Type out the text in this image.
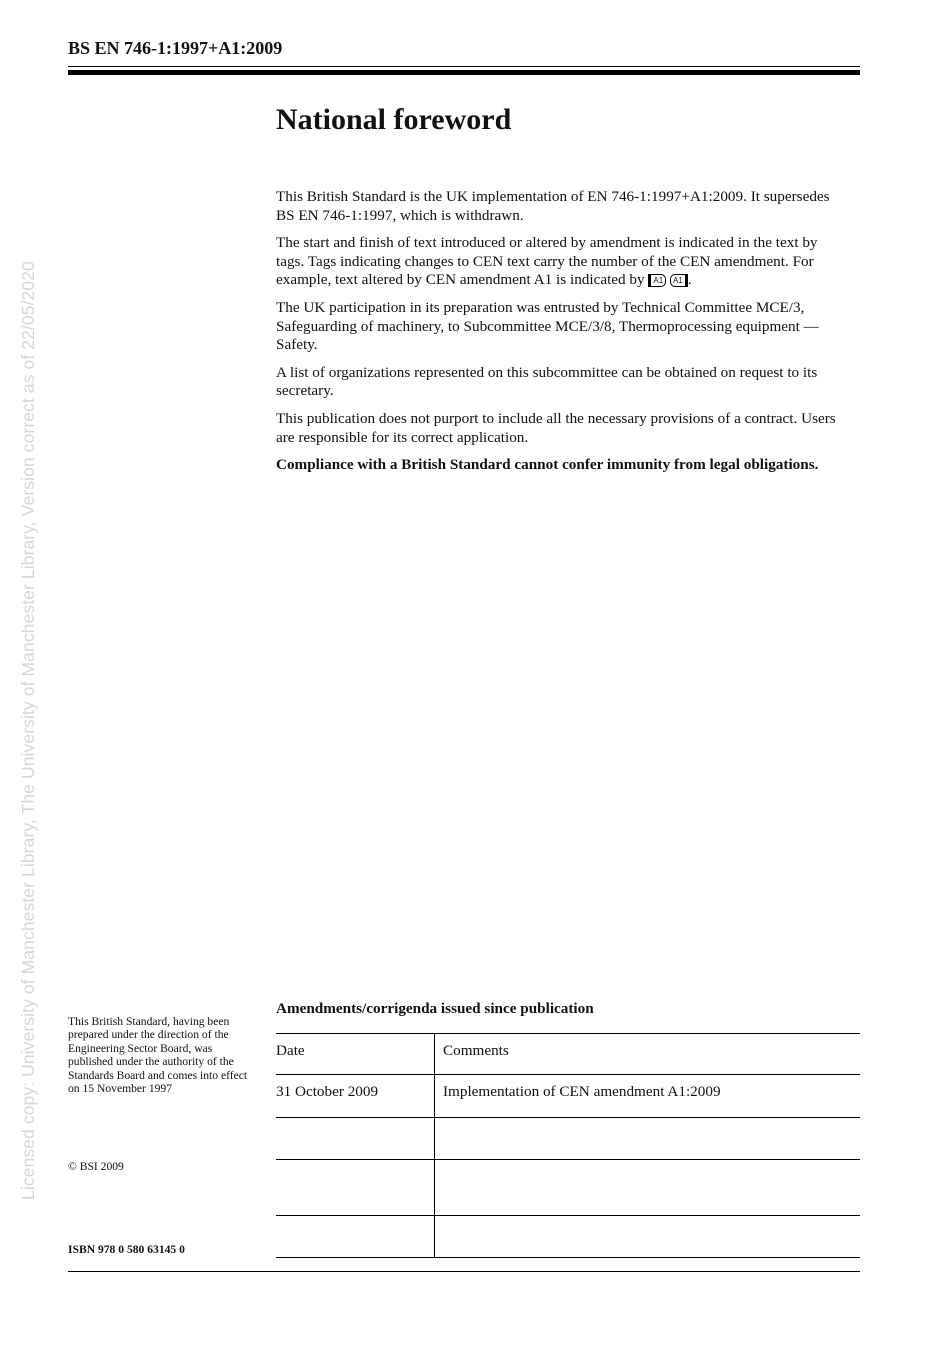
Licensed copy: University of Manchester Library, The University of Manchester Library, Version correct as of 22/05/2020
BS EN 746-1:1997+A1:2009
National foreword

This British Standard is the UK implementation of EN 746-1:1997+A1:2009. It supersedes BS EN 746-1:1997, which is withdrawn.

The start and finish of text introduced or altered by amendment is indicated in the text by tags. Tags indicating changes to CEN text carry the number of the CEN amendment. For example, text altered by CEN amendment A1 is indicated by A1 A1 .

The UK participation in its preparation was entrusted by Technical Committee MCE/3, Safeguarding of machinery, to Subcommittee MCE/3/8, Thermoprocessing equipment — Safety.

A list of organizations represented on this subcommittee can be obtained on request to its secretary.

This publication does not purport to include all the necessary provisions of a contract. Users are responsible for its correct application.

Compliance with a British Standard cannot confer immunity from legal obligations.

This British Standard, having been prepared under the direction of the Engineering Sector Board, was published under the authority of the Standards Board and comes into effect on 15 November 1997
© BSI 2009
ISBN 978 0 580 63145 0
Amendments/corrigenda issued since publication
Date	Comments
31 October 2009	Implementation of CEN amendment A1:2009
